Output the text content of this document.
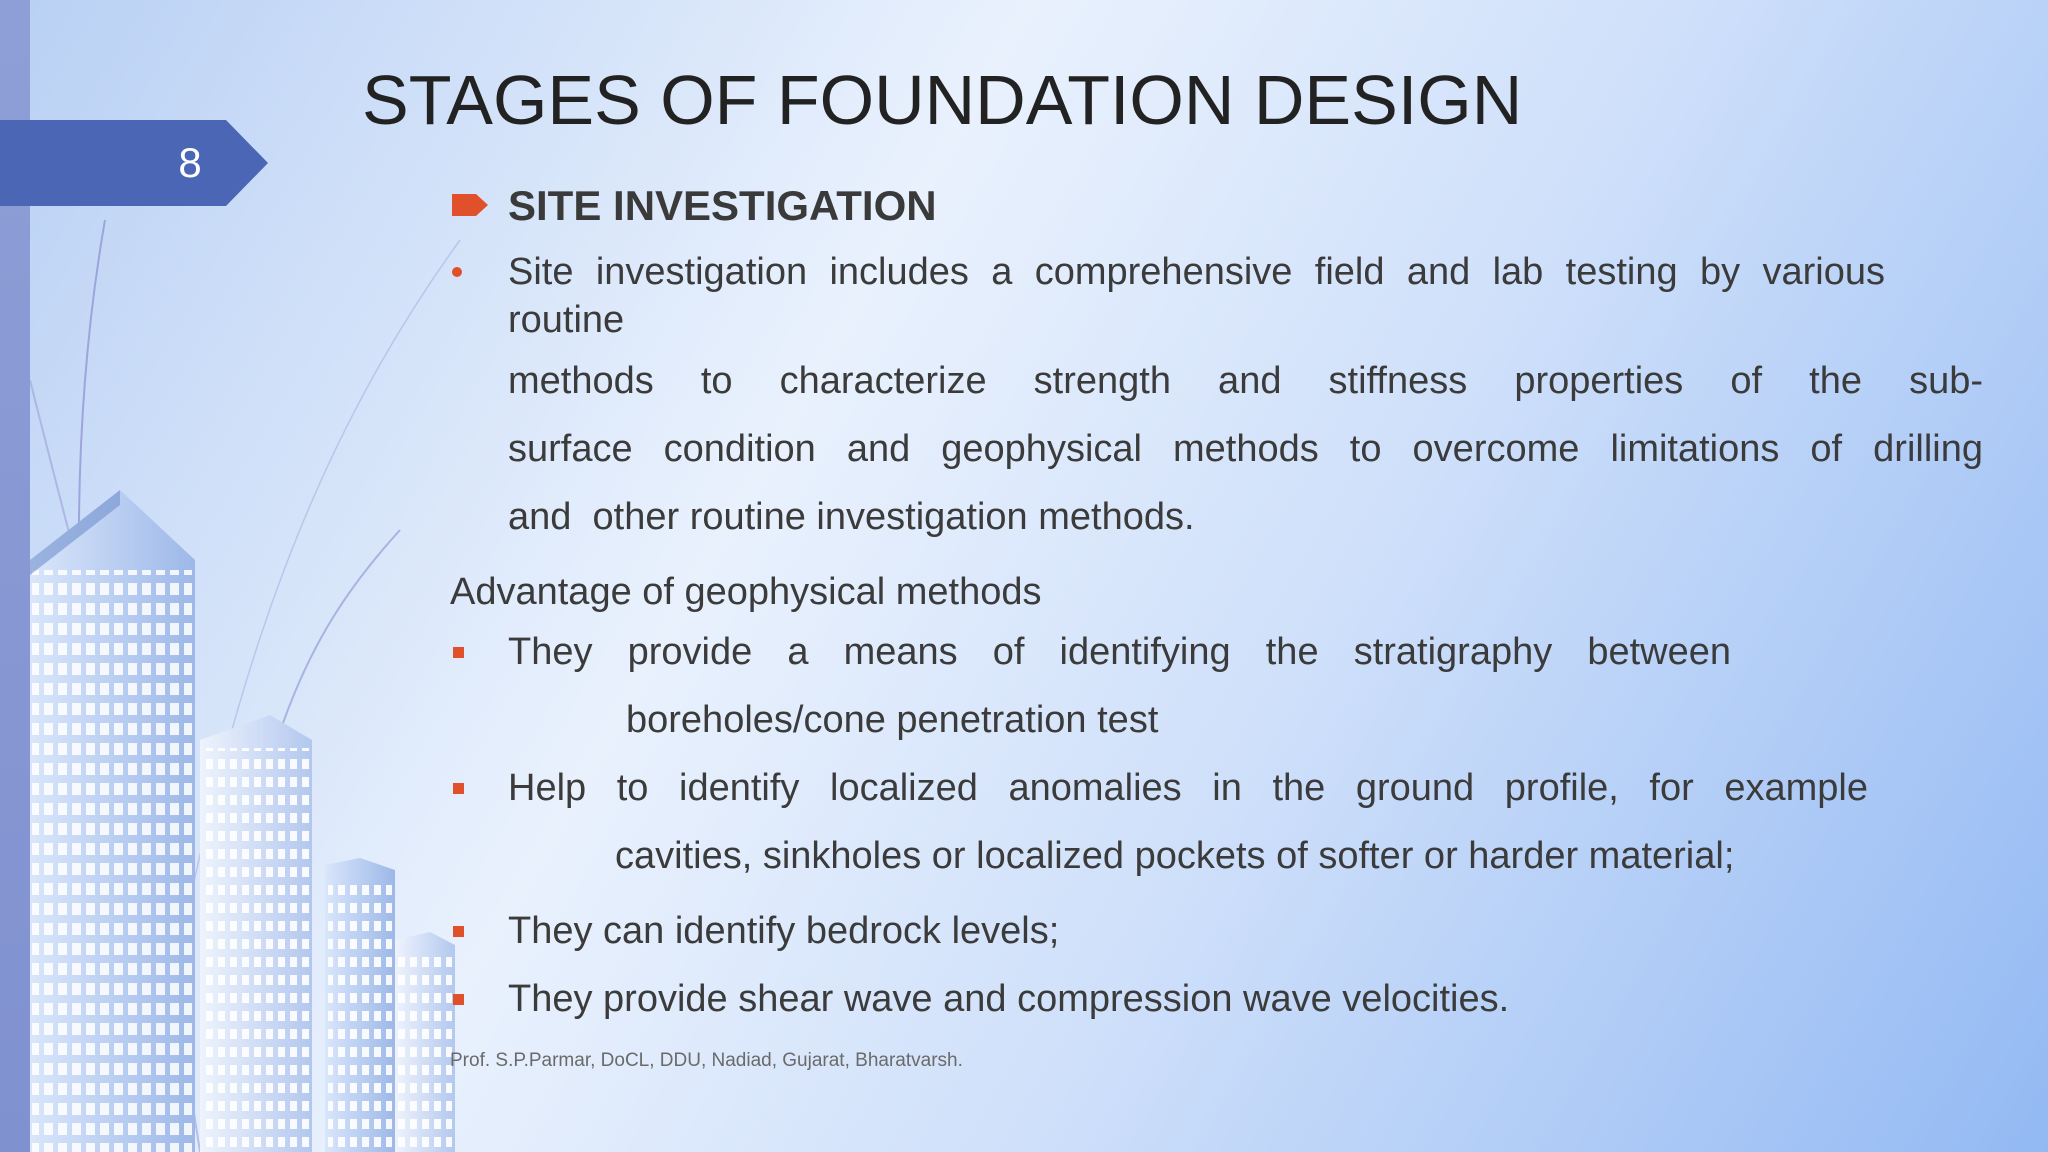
8
STAGES OF FOUNDATION DESIGN
SITE INVESTIGATION
Site investigation includes a comprehensive field and lab testing by various
routine
methods to characterize strength and stiffness properties of the sub-
surface condition and geophysical methods to overcome limitations of drilling
and  other routine investigation methods.
Advantage of geophysical methods
They provide a means of identifying the stratigraphy between
boreholes/cone penetration test
Help to identify localized anomalies in the ground profile, for example
cavities, sinkholes or localized pockets of softer or harder material;
They can identify bedrock levels;
They provide shear wave and compression wave velocities.
Prof. S.P.Parmar, DoCL, DDU, Nadiad, Gujarat, Bharatvarsh.
